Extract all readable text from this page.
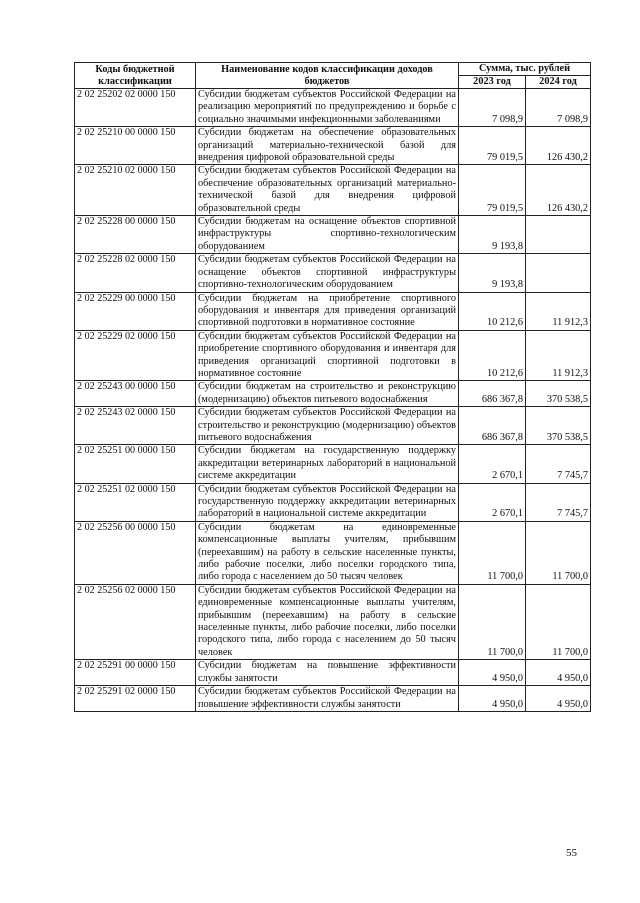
Коды бюджетной классификации	Наименование кодов классификации доходов бюджетов	Сумма, тыс. рублей	
		2023 год	2024 год
2 02 25202 02 0000 150	Субсидии бюджетам субъектов Российской Федерации на реализацию мероприятий по предупреждению и борьбе с социально значимыми инфекционными заболеваниями	7 098,9	7 098,9
2 02 25210 00 0000 150	Субсидии бюджетам на обеспечение образовательных организаций материально-технической базой для внедрения цифровой образовательной среды	79 019,5	126 430,2
2 02 25210 02 0000 150	Субсидии бюджетам субъектов Российской Федерации на обеспечение образовательных организаций материально-технической базой для внедрения цифровой образовательной среды	79 019,5	126 430,2
2 02 25228 00 0000 150	Субсидии бюджетам на оснащение объектов спортивной инфраструктуры спортивно-технологическим оборудованием	9 193,8	
2 02 25228 02 0000 150	Субсидии бюджетам субъектов Российской Федерации на оснащение объектов спортивной инфраструктуры спортивно-технологическим оборудованием	9 193,8	
2 02 25229 00 0000 150	Субсидии бюджетам на приобретение спортивного оборудования и инвентаря для приведения организаций спортивной подготовки в нормативное состояние	10 212,6	11 912,3
2 02 25229 02 0000 150	Субсидии бюджетам субъектов Российской Федерации на приобретение спортивного оборудования и инвентаря для приведения организаций спортивной подготовки в нормативное состояние	10 212,6	11 912,3
2 02 25243 00 0000 150	Субсидии бюджетам на строительство и реконструкцию (модернизацию) объектов питьевого водоснабжения	686 367,8	370 538,5
2 02 25243 02 0000 150	Субсидии бюджетам субъектов Российской Федерации на строительство и реконструкцию (модернизацию) объектов питьевого водоснабжения	686 367,8	370 538,5
2 02 25251 00 0000 150	Субсидии бюджетам на государственную поддержку аккредитации ветеринарных лабораторий в национальной системе аккредитации	2 670,1	7 745,7
2 02 25251 02 0000 150	Субсидии бюджетам субъектов Российской Федерации на государственную поддержку аккредитации ветеринарных лабораторий в национальной системе аккредитации	2 670,1	7 745,7
2 02 25256 00 0000 150	Субсидии бюджетам на единовременные компенсационные выплаты учителям, прибывшим (переехавшим) на работу в сельские населенные пункты, либо рабочие поселки, либо поселки городского типа, либо города с населением до 50 тысяч человек	11 700,0	11 700,0
2 02 25256 02 0000 150	Субсидии бюджетам субъектов Российской Федерации на единовременные компенсационные выплаты учителям, прибывшим (переехавшим) на работу в сельские населенные пункты, либо рабочие поселки, либо поселки городского типа, либо города с населением до 50 тысяч человек	11 700,0	11 700,0
2 02 25291 00 0000 150	Субсидии бюджетам на повышение эффективности службы занятости	4 950,0	4 950,0
2 02 25291 02 0000 150	Субсидии бюджетам субъектов Российской Федерации на повышение эффективности службы занятости	4 950,0	4 950,0
55
